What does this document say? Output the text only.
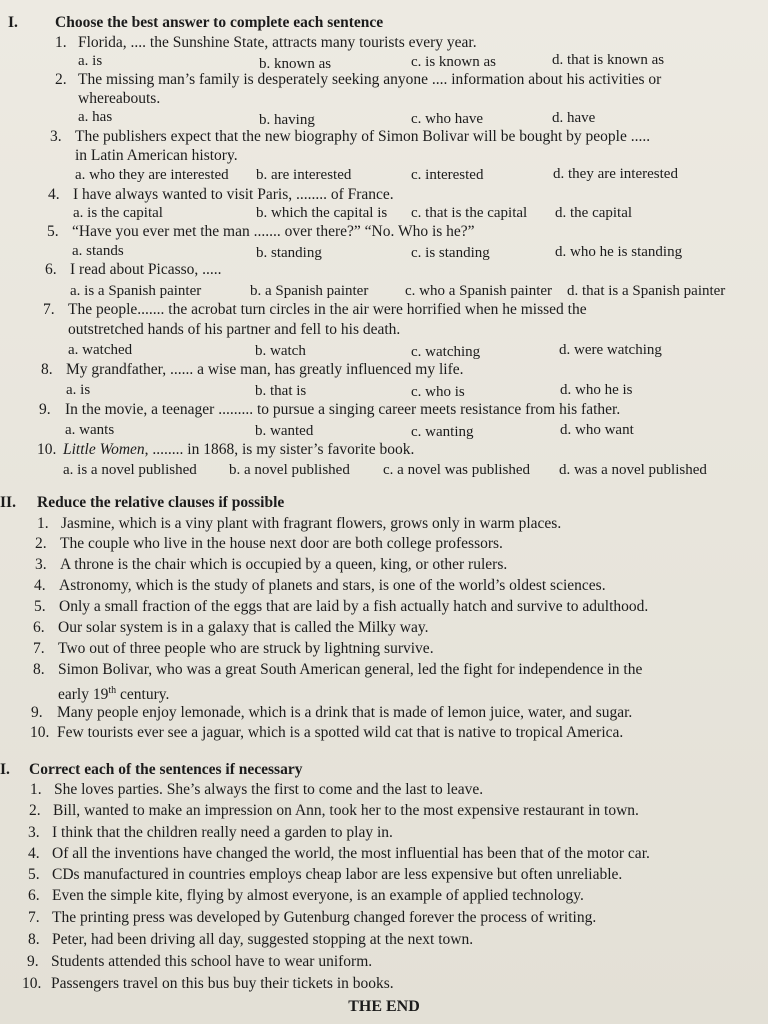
I. Choose the best answer to complete each sentence
1. Florida, .... the Sunshine State, attracts many tourists every year.
a. is	b. known as	c. is known as	d. that is known as
2. The missing man’s family is desperately seeking anyone .... information about his activities or
whereabouts.
a. has	b. having	c. who have	d. have
3. The publishers expect that the new biography of Simon Bolivar will be bought by people .....
in Latin American history.
a. who they are interested b. are interested	c. interested	d. they are interested
4. I have always wanted to visit Paris, ........ of France.
a. is the capital	b. which the capital is c. that is the capital d. the capital
5. “Have you ever met the man ....... over there?” “No. Who is he?”
a. stands	b. standing	c. is standing	d. who he is standing
6. I read about Picasso, .....
a. is a Spanish painter	b. a Spanish painter c. who a Spanish painter d. that is a Spanish painter
7. The people....... the acrobat turn circles in the air were horrified when he missed the
outstretched hands of his partner and fell to his death.
a. watched	b. watch	c. watching	d. were watching
8. My grandfather, ...... a wise man, has greatly influenced my life.
a. is	b. that is	c. who is	d. who he is
9. In the movie, a teenager ......... to pursue a singing career meets resistance from his father.
a. wants	b. wanted	c. wanting	d. who want
10. Little Women, ........ in 1868, is my sister’s favorite book.
a. is a novel published b. a novel published c. a novel was published d. was a novel published
II. Reduce the relative clauses if possible
1. Jasmine, which is a viny plant with fragrant flowers, grows only in warm places.
2. The couple who live in the house next door are both college professors.
3. A throne is the chair which is occupied by a queen, king, or other rulers.
4. Astronomy, which is the study of planets and stars, is one of the world’s oldest sciences.
5. Only a small fraction of the eggs that are laid by a fish actually hatch and survive to adulthood.
6. Our solar system is in a galaxy that is called the Milky way.
7. Two out of three people who are struck by lightning survive.
8. Simon Bolivar, who was a great South American general, led the fight for independence in the
early 19th century.
9. Many people enjoy lemonade, which is a drink that is made of lemon juice, water, and sugar.
10. Few tourists ever see a jaguar, which is a spotted wild cat that is native to tropical America.
I. Correct each of the sentences if necessary
1. She loves parties. She’s always the first to come and the last to leave.
2. Bill, wanted to make an impression on Ann, took her to the most expensive restaurant in town.
3. I think that the children really need a garden to play in.
4. Of all the inventions have changed the world, the most influential has been that of the motor car.
5. CDs manufactured in countries employs cheap labor are less expensive but often unreliable.
6. Even the simple kite, flying by almost everyone, is an example of applied technology.
7. The printing press was developed by Gutenburg changed forever the process of writing.
8. Peter, had been driving all day, suggested stopping at the next town.
9. Students attended this school have to wear uniform.
10. Passengers travel on this bus buy their tickets in books.
THE END
